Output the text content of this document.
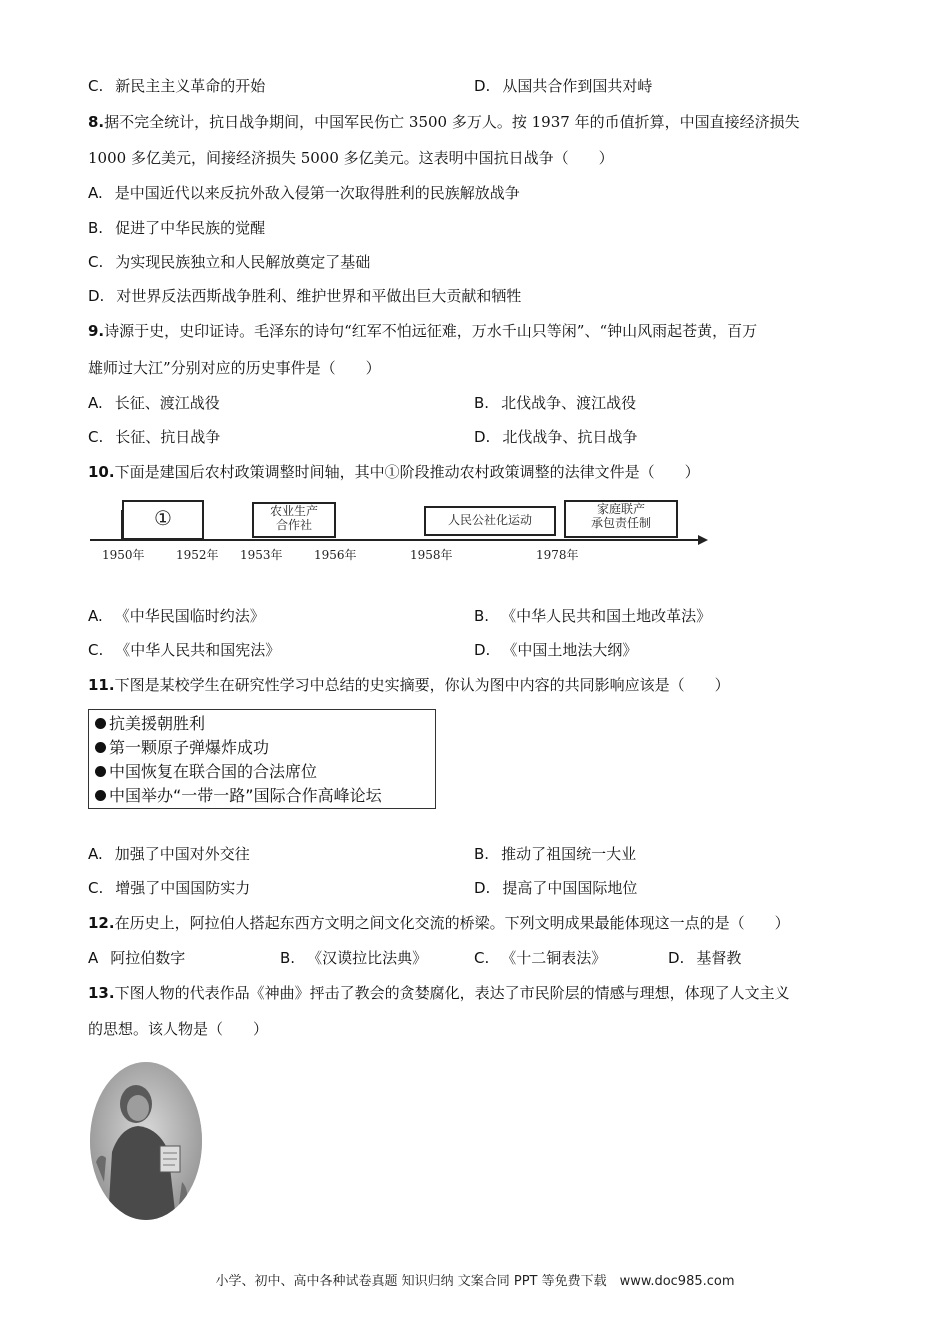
C. 新民主主义革命的开始	D. 从国共合作到国共对峙
8.据不完全统计，抗日战争期间，中国军民伤亡 3500 多万人。按 1937 年的币值折算，中国直接经济损失
1000 多亿美元，间接经济损失 5000 多亿美元。这表明中国抗日战争（　　）
A. 是中国近代以来反抗外敌入侵第一次取得胜利的民族解放战争
B. 促进了中华民族的觉醒
C. 为实现民族独立和人民解放奠定了基础
D. 对世界反法西斯战争胜利、维护世界和平做出巨大贡献和牺牲
9.诗源于史，史印证诗。毛泽东的诗句“红军不怕远征难，万水千山只等闲”、“钟山风雨起苍黄，百万
雄师过大江”分别对应的历史事件是（　　）
A. 长征、渡江战役	B. 北伐战争、渡江战役
C. 长征、抗日战争	D. 北伐战争、抗日战争
10.下面是建国后农村政策调整时间轴，其中①阶段推动农村政策调整的法律文件是（　　）
①	农业生产
合作社	人民公社化运动
家庭联产
承包责任制
1950年	1952年 1953年	1956年	1958年	1978年
A. 《中华民国临时约法》	B. 《中华人民共和国土地改革法》
C. 《中华人民共和国宪法》	D. 《中国土地法大纲》
11.下图是某校学生在研究性学习中总结的史实摘要，你认为图中内容的共同影响应该是（　　）
抗美援朝胜利
第一颗原子弹爆炸成功
中国恢复在联合国的合法席位
中国举办“一带一路”国际合作高峰论坛
A. 加强了中国对外交往	B. 推动了祖国统一大业
C. 增强了中国国防实力	D. 提高了中国国际地位
12.在历史上，阿拉伯人搭起东西方文明之间文化交流的桥梁。下列文明成果最能体现这一点的是（　　）
A 阿拉伯数字	B. 《汉谟拉比法典》	C. 《十二铜表法》	D. 基督教
13.下图人物的代表作品《神曲》抨击了教会的贪婪腐化，表达了市民阶层的情感与理想，体现了人文主义
的思想。该人物是（　　）
小学、初中、高中各种试卷真题 知识归纳 文案合同 PPT 等免费下载　www.doc985.com
